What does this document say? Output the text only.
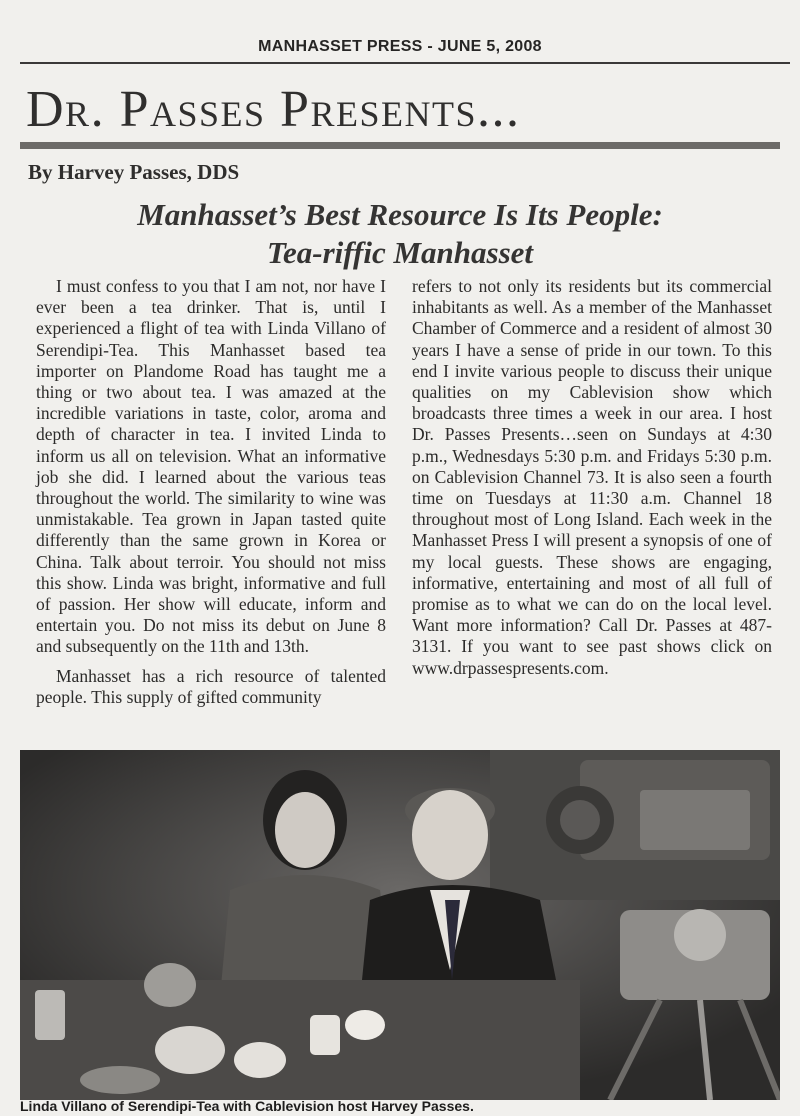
MANHASSET PRESS - JUNE 5, 2008
Dr. Passes Presents...
By Harvey Passes, DDS
Manhasset’s Best Resource Is Its People:
Tea-riffic Manhasset

I must confess to you that I am not, nor have I ever been a tea drinker. That is, until I experienced a flight of tea with Linda Villano of Serendipi-Tea. This Manhasset based tea importer on Plandome Road has taught me a thing or two about tea. I was amazed at the incredible variations in taste, color, aroma and depth of character in tea. I invited Linda to inform us all on television. What an informative job she did. I learned about the various teas throughout the world. The similarity to wine was unmistakable. Tea grown in Japan tasted quite differently than the same grown in Korea or China. Talk about terroir. You should not miss this show. Linda was bright, informative and full of passion. Her show will educate, inform and entertain you. Do not miss its debut on June 8 and subsequently on the 11th and 13th.

Manhasset has a rich resource of talented people. This supply of gifted community

refers to not only its residents but its commercial inhabitants as well. As a member of the Manhasset Chamber of Commerce and a resident of almost 30 years I have a sense of pride in our town. To this end I invite various people to discuss their unique qualities on my Cablevision show which broadcasts three times a week in our area. I host Dr. Passes Presents…seen on Sundays at 4:30 p.m., Wednesdays 5:30 p.m. and Fridays 5:30 p.m. on Cablevision Channel 73. It is also seen a fourth time on Tuesdays at 11:30 a.m. Channel 18 throughout most of Long Island. Each week in the Manhasset Press I will present a synopsis of one of my local guests. These shows are engaging, informative, entertaining and most of all full of promise as to what we can do on the local level. Want more information? Call Dr. Passes at 487-3131. If you want to see past shows click on www.drpassespresents.com.

Linda Villano of Serendipi-Tea with Cablevision host Harvey Passes.
